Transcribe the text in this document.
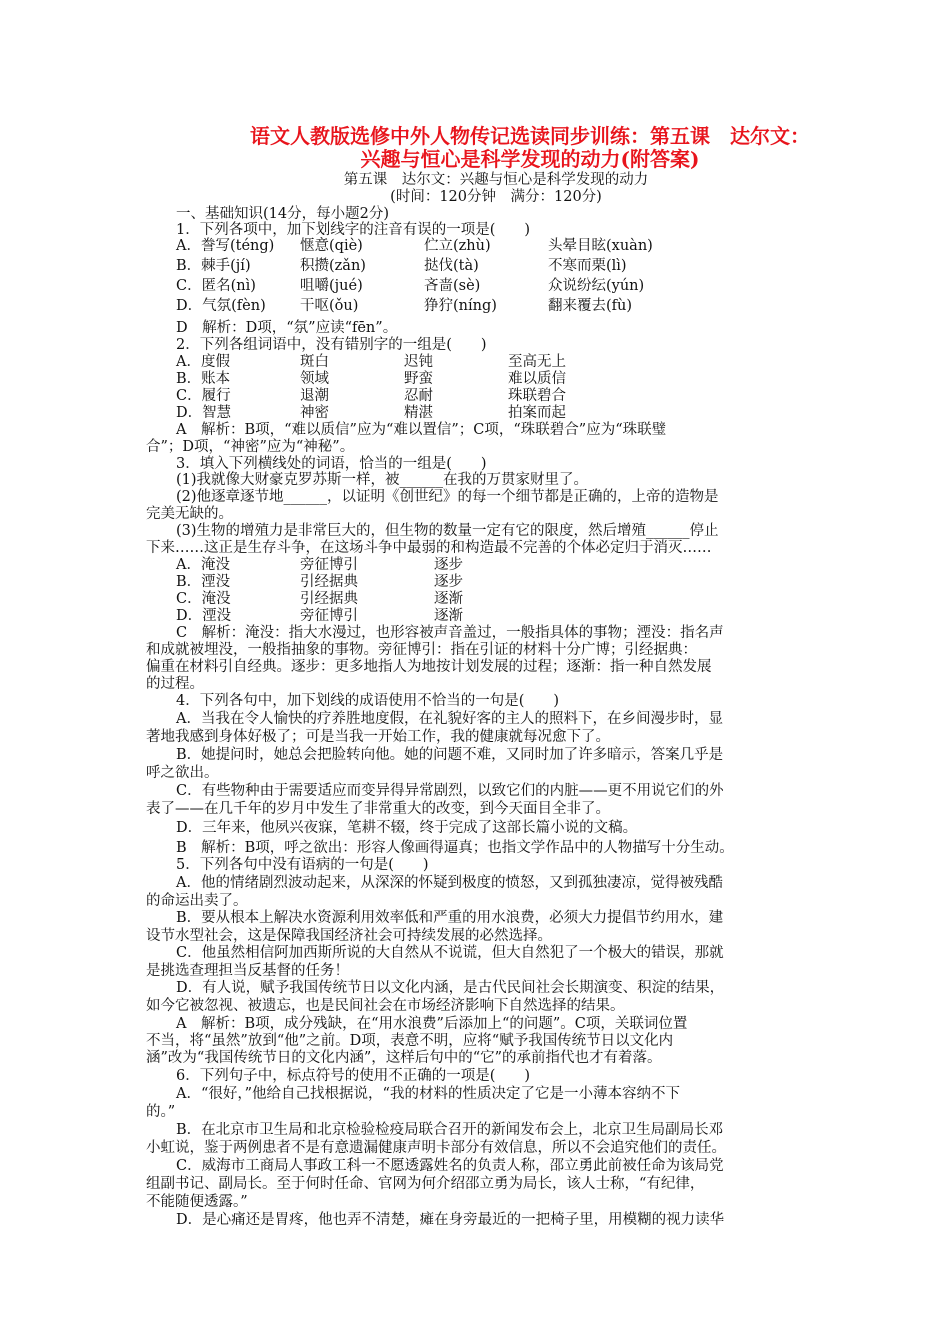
语文人教版选修中外人物传记选读同步训练：第五课　达尔文：
兴趣与恒心是科学发现的动力(附答案)
第五课　达尔文：兴趣与恒心是科学发现的动力
(时间：120分钟　满分：120分)
一、基础知识(14分，每小题2分)
1．下列各项中，加下划线字的注音有误的一项是(　　)
A．誊写(téng) 惬意(qiè)	伫立(zhù)	头晕目眩(xuàn)
B．棘手(jí)	积攒(zǎn)	挞伐(tà)	不寒而栗(lì)
C．匿名(nì)	咀嚼(jué)	吝啬(sè)	众说纷纭(yún)
D．气氛(fèn) 干呕(ǒu)	狰狞(níng)	翻来覆去(fù)
D　解析：D项，“氛”应读“fēn”。
2．下列各组词语中，没有错别字的一组是(　　)
A．度假	斑白	迟钝	至高无上
B．账本	领域	野蛮	难以质信
C．履行	退潮	忍耐	珠联碧合
D．智慧	神密	精湛	拍案而起
A　解析：B项，“难以质信”应为“难以置信”；C项，“珠联碧合”应为“珠联璧
合”；D项，“神密”应为“神秘”。
3．填入下列横线处的词语，恰当的一组是(　　)
(1)我就像大财豪克罗苏斯一样，被______在我的万贯家财里了。
(2)他逐章逐节地______，以证明《创世纪》的每一个细节都是正确的，上帝的造物是
完美无缺的。
(3)生物的增殖力是非常巨大的，但生物的数量一定有它的限度，然后增殖______停止
下来……这正是生存斗争，在这场斗争中最弱的和构造最不完善的个体必定归于消灭……
A．淹没	旁征博引	逐步
B．湮没	引经据典	逐步
C．淹没	引经据典	逐渐
D．湮没	旁征博引	逐渐
C　解析：淹没：指大水漫过，也形容被声音盖过，一般指具体的事物；湮没：指名声
和成就被埋没，一般指抽象的事物。旁征博引：指在引证的材料十分广博；引经据典：
偏重在材料引自经典。逐步：更多地指人为地按计划发展的过程；逐渐：指一种自然发展
的过程。
4．下列各句中，加下划线的成语使用不恰当的一句是(　　)
A．当我在令人愉快的疗养胜地度假，在礼貌好客的主人的照料下，在乡间漫步时，显
著地我感到身体好极了；可是当我一开始工作，我的健康就每况愈下了。
B．她提问时，她总会把脸转向他。她的问题不难，又同时加了许多暗示，答案几乎是
呼之欲出。
C．有些物种由于需要适应而变异得异常剧烈，以致它们的内脏——更不用说它们的外
表了——在几千年的岁月中发生了非常重大的改变，到今天面目全非了。
D．三年来，他夙兴夜寐，笔耕不辍，终于完成了这部长篇小说的文稿。
B　解析：B项，呼之欲出：形容人像画得逼真；也指文学作品中的人物描写十分生动。
5．下列各句中没有语病的一句是(　　)
A．他的情绪剧烈波动起来，从深深的怀疑到极度的愤怒，又到孤独凄凉，觉得被残酷
的命运出卖了。
B．要从根本上解决水资源利用效率低和严重的用水浪费，必须大力提倡节约用水，建
设节水型社会，这是保障我国经济社会可持续发展的必然选择。
C．他虽然相信阿加西斯所说的大自然从不说谎，但大自然犯了一个极大的错误，那就
是挑选查理担当反基督的任务！
D．有人说，赋予我国传统节日以文化内涵，是古代民间社会长期演变、积淀的结果，
如今它被忽视、被遗忘，也是民间社会在市场经济影响下自然选择的结果。
A　解析：B项，成分残缺，在“用水浪费”后添加上“的问题”。C项，关联词位置
不当，将“虽然”放到“他”之前。D项，表意不明，应将“赋予我国传统节日以文化内
涵”改为“我国传统节日的文化内涵”，这样后句中的“它”的承前指代也才有着落。
6．下列句子中，标点符号的使用不正确的一项是(　　)
A．“很好，”他给自己找根据说，“我的材料的性质决定了它是一小薄本容纳不下
的。”
B．在北京市卫生局和北京检验检疫局联合召开的新闻发布会上，北京卫生局副局长邓
小虹说，鉴于两例患者不是有意遗漏健康声明卡部分有效信息，所以不会追究他们的责任。
C．威海市工商局人事政工科一不愿透露姓名的负责人称，邵立勇此前被任命为该局党
组副书记、副局长。至于何时任命、官网为何介绍邵立勇为局长，该人士称，“有纪律，
不能随便透露。”
D．是心痛还是胃疼，他也弄不清楚，瘫在身旁最近的一把椅子里，用模糊的视力读华
